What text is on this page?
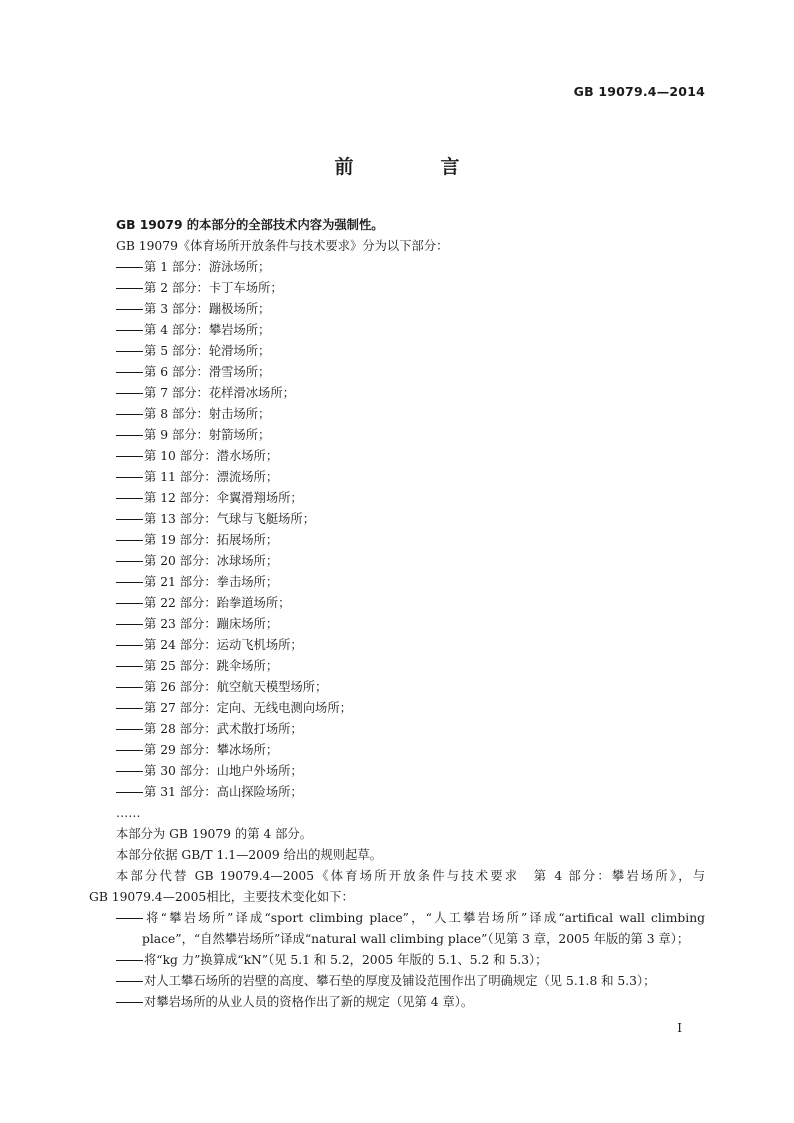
GB 19079.4—2014
前　言
GB 19079 的本部分的全部技术内容为强制性。
GB 19079《体育场所开放条件与技术要求》分为以下部分：
第 1 部分：游泳场所；
第 2 部分：卡丁车场所；
第 3 部分：蹦极场所；
第 4 部分：攀岩场所；
第 5 部分：轮滑场所；
第 6 部分：滑雪场所；
第 7 部分：花样滑冰场所；
第 8 部分：射击场所；
第 9 部分：射箭场所；
第 10 部分：潜水场所；
第 11 部分：漂流场所；
第 12 部分：伞翼滑翔场所；
第 13 部分：气球与飞艇场所；
第 19 部分：拓展场所；
第 20 部分：冰球场所；
第 21 部分：拳击场所；
第 22 部分：跆拳道场所；
第 23 部分：蹦床场所；
第 24 部分：运动飞机场所；
第 25 部分：跳伞场所；
第 26 部分：航空航天模型场所；
第 27 部分：定向、无线电测向场所；
第 28 部分：武术散打场所；
第 29 部分：攀冰场所；
第 30 部分：山地户外场所；
第 31 部分：高山探险场所；
……
本部分为 GB 19079 的第 4 部分。
本部分依据 GB/T 1.1—2009 给出的规则起草。
本部分代替 GB 19079.4—2005《体育场所开放条件与技术要求　第 4 部分：攀岩场所》，与
GB 19079.4—2005相比，主要技术变化如下：
将“攀岩场所”译成“sport climbing place”，“人工攀岩场所”译成“artifical wall climbing
place”，“自然攀岩场所”译成“natural wall climbing place”（见第 3 章，2005 年版的第 3 章）；
将“kg 力”换算成“kN”（见 5.1 和 5.2，2005 年版的 5.1、5.2 和 5.3）；
对人工攀石场所的岩壁的高度、攀石垫的厚度及铺设范围作出了明确规定（见 5.1.8 和 5.3）；
对攀岩场所的从业人员的资格作出了新的规定（见第 4 章）。
I
